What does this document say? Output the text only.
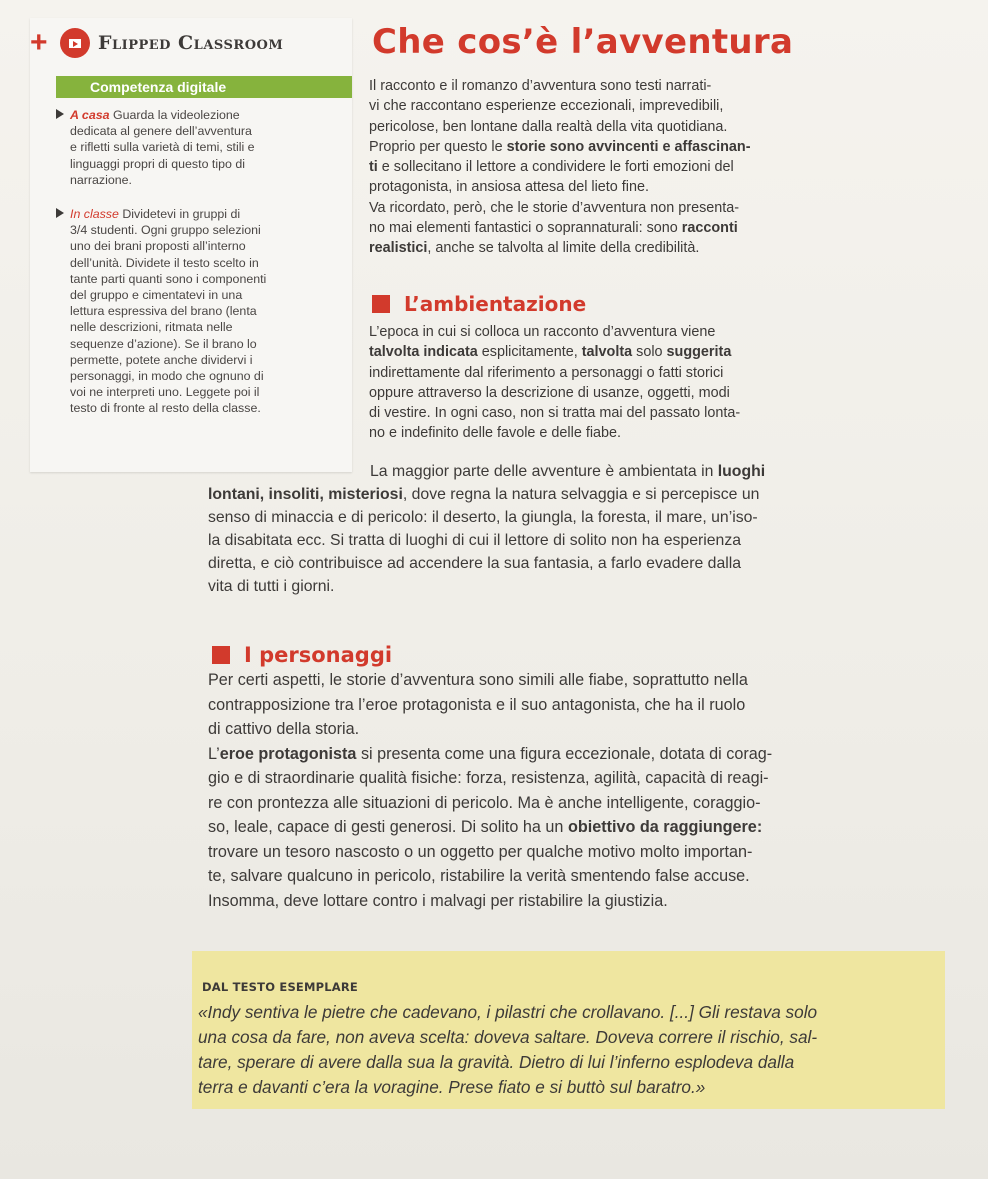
+	Flipped Classroom
Competenza digitale
A casa Guarda la videolezione
dedicata al genere dell’avventura
e rifletti sulla varietà di temi, stili e
linguaggi propri di questo tipo di
narrazione.
In classe Dividetevi in gruppi di
3/4 studenti. Ogni gruppo selezioni
uno dei brani proposti all’interno
dell’unità. Dividete il testo scelto in
tante parti quanti sono i componenti
del gruppo e cimentatevi in una
lettura espressiva del brano (lenta
nelle descrizioni, ritmata nelle
sequenze d’azione). Se il brano lo
permette, potete anche dividervi i
personaggi, in modo che ognuno di
voi ne interpreti uno. Leggete poi il
testo di fronte al resto della classe.
Che cos’è l’avventura
Il racconto e il romanzo d’avventura sono testi narrati-
vi che raccontano esperienze eccezionali, imprevedibili,
pericolose, ben lontane dalla realtà della vita quotidiana.
Proprio per questo le storie sono avvincenti e affascinan-
ti e sollecitano il lettore a condividere le forti emozioni del
protagonista, in ansiosa attesa del lieto fine.
Va ricordato, però, che le storie d’avventura non presenta-
no mai elementi fantastici o soprannaturali: sono racconti
realistici, anche se talvolta al limite della credibilità.
L’ambientazione
L’epoca in cui si colloca un racconto d’avventura viene
talvolta indicata esplicitamente, talvolta solo suggerita
indirettamente dal riferimento a personaggi o fatti storici
oppure attraverso la descrizione di usanze, oggetti, modi
di vestire. In ogni caso, non si tratta mai del passato lonta-
no e indefinito delle favole e delle fiabe.
La maggior parte delle avventure è ambientata in luoghi
lontani, insoliti, misteriosi, dove regna la natura selvaggia e si percepisce un
senso di minaccia e di pericolo: il deserto, la giungla, la foresta, il mare, un’iso-
la disabitata ecc. Si tratta di luoghi di cui il lettore di solito non ha esperienza
diretta, e ciò contribuisce ad accendere la sua fantasia, a farlo evadere dalla
vita di tutti i giorni.
I personaggi
Per certi aspetti, le storie d’avventura sono simili alle fiabe, soprattutto nella
contrapposizione tra l’eroe protagonista e il suo antagonista, che ha il ruolo
di cattivo della storia.
L’eroe protagonista si presenta come una figura eccezionale, dotata di corag-
gio e di straordinarie qualità fisiche: forza, resistenza, agilità, capacità di reagi-
re con prontezza alle situazioni di pericolo. Ma è anche intelligente, coraggio-
so, leale, capace di gesti generosi. Di solito ha un obiettivo da raggiungere:
trovare un tesoro nascosto o un oggetto per qualche motivo molto importan-
te, salvare qualcuno in pericolo, ristabilire la verità smentendo false accuse.
Insomma, deve lottare contro i malvagi per ristabilire la giustizia.
DAL TESTO ESEMPLARE
«Indy sentiva le pietre che cadevano, i pilastri che crollavano. [...] Gli restava solo
una cosa da fare, non aveva scelta: doveva saltare. Doveva correre il rischio, sal-
tare, sperare di avere dalla sua la gravità. Dietro di lui l’inferno esplodeva dalla
terra e davanti c’era la voragine. Prese fiato e si buttò sul baratro.»
